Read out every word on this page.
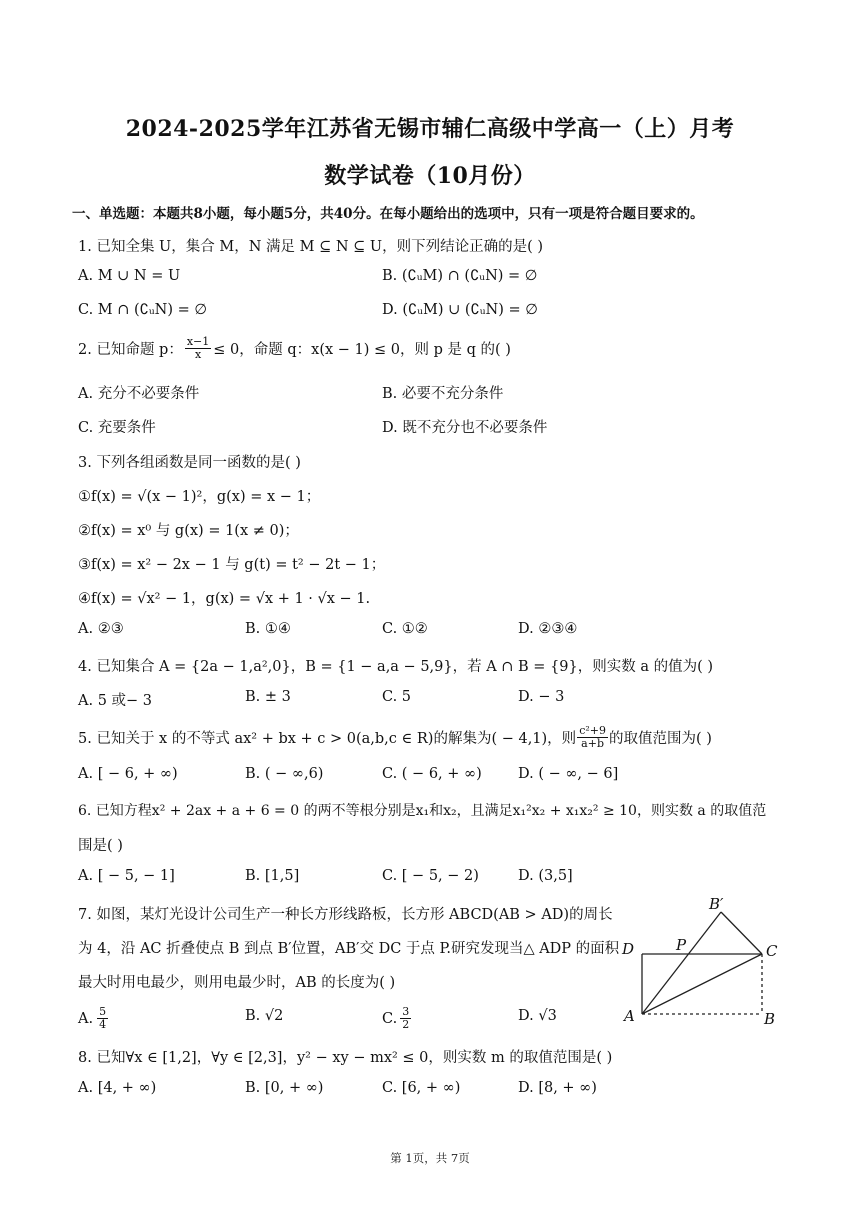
2024-2025学年江苏省无锡市辅仁高级中学高一（上）月考
数学试卷（10月份）
一、单选题：本题共8小题，每小题5分，共40分。在每小题给出的选项中，只有一项是符合题目要求的。
1. 已知全集 U，集合 M，N 满足 M ⊆ N ⊆ U，则下列结论正确的是( )
A. M ∪ N = U	B. (∁ᵤM) ∩ (∁ᵤN) = ∅
C. M ∩ (∁ᵤN) = ∅	D. (∁ᵤM) ∪ (∁ᵤN) = ∅
2. 已知命题 p： $\frac{x-1}{x} \le 0$，命题 q：x(x − 1) ≤ 0，则 p 是 q 的( )
A. 充分不必要条件	B. 必要不充分条件
C. 充要条件	D. 既不充分也不必要条件
3. 下列各组函数是同一函数的是( )
①f(x) = √(x − 1)²，g(x) = x − 1；
②f(x) = x⁰ 与 g(x) = 1(x ≠ 0)；
③f(x) = x² − 2x − 1 与 g(t) = t² − 2t − 1；
④f(x) = √x² − 1，g(x) = √x + 1 · √x − 1.
A. ②③	B. ①④	C. ①②	D. ②③④
4. 已知集合 A = {2a − 1,a²,0}，B = {1 − a,a − 5,9}，若 A ∩ B = {9}，则实数 a 的值为( )
A. 5 或− 3	B. ± 3	C. 5	D. − 3
5. 已知关于 x 的不等式 ax² + bx + c > 0(a,b,c ∈ R)的解集为( − 4,1)，则 $\frac{\text{c²+9}}{a+b}$ 的取值范围为( )
A. [ − 6, + ∞)	B. ( − ∞,6)	C. ( − 6, + ∞) D. ( − ∞, − 6]
6. 已知方程x² + 2ax + a + 6 = 0 的两不等根分别是x₁和x₂，且满足x₁²x₂ + x₁x₂² ≥ 10，则实数 a 的取值范
围是( )
A. [ − 5, − 1]	B. [1,5]	C. [ − 5, − 2)	D. (3,5]
7. 如图，某灯光设计公司生产一种长方形线路板，长方形 ABCD(AB > AD)的周长
为 4，沿 AC 折叠使点 B 到点 B′位置，AB′交 DC 于点 P.研究发现当△ ADP 的面积
最大时用电最少，则用电最少时，AB 的长度为( )
A. $\frac{5}{4}$	B. √2	C. $\frac{3}{2}$	D. √3
B′
D	P	C
A	B
8. 已知∀x ∈ [1,2]，∀y ∈ [2,3]，y² − xy − mx² ≤ 0，则实数 m 的取值范围是( )
A. [4, + ∞)	B. [0, + ∞)	C. [6, + ∞)	D. [8, + ∞)
第 1页，共 7页
